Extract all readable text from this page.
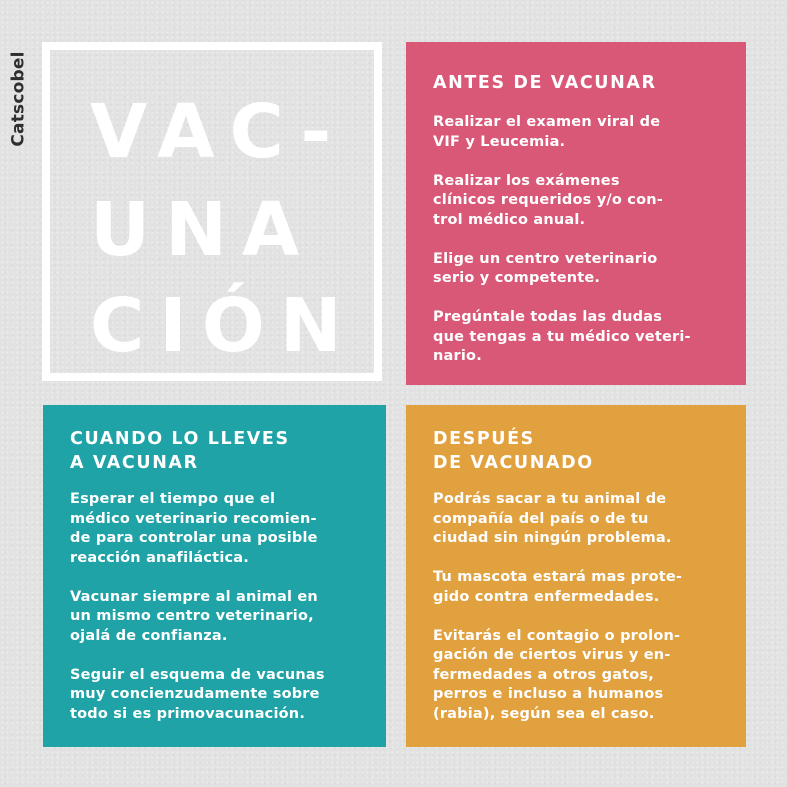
Catscobel VAC-
UNA
CIÓN
ANTES DE VACUNAR

Realizar el examen viral de
VIF y Leucemia.

Realizar los exámenes
clínicos requeridos y/o con-
trol médico anual.

Elige un centro veterinario
serio y competente.

Pregúntale todas las dudas
que tengas a tu médico veteri-
nario.

CUANDO LO LLEVES
A VACUNAR

Esperar el tiempo que el
médico veterinario recomien-
de para controlar una posible
reacción anafiláctica.

Vacunar siempre al animal en
un mismo centro veterinario,
ojalá de confianza.

Seguir el esquema de vacunas
muy concienzudamente sobre
todo si es primovacunación.

DESPUÉS
DE VACUNADO

Podrás sacar a tu animal de
compañía del país o de tu
ciudad sin ningún problema.

Tu mascota estará mas prote-
gido contra enfermedades.

Evitarás el contagio o prolon-
gación de ciertos virus y en-
fermedades a otros gatos,
perros e incluso a humanos
(rabia), según sea el caso.
